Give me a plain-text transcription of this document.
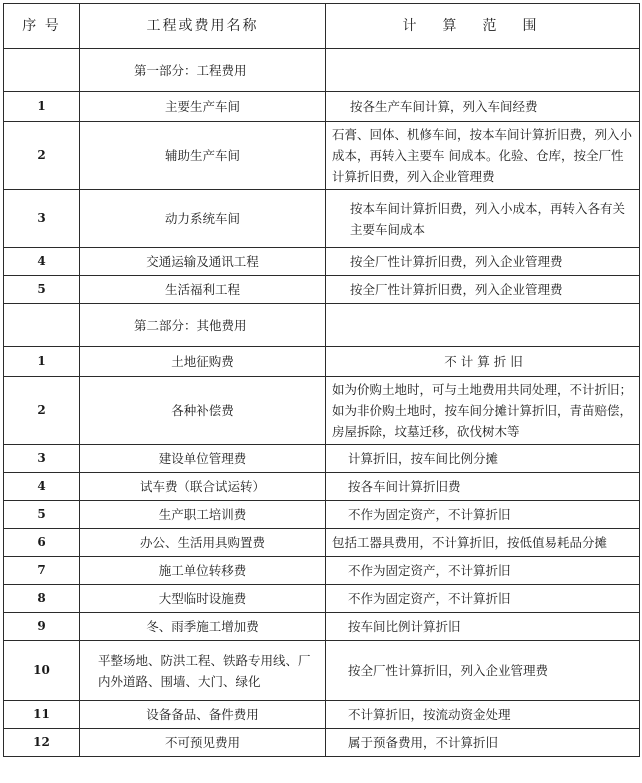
序 号	工程或费用名称	计算范围
	第一部分：工程费用	
1	主要生产车间	按各生产车间计算，列入车间经费
2	辅助生产车间	石膏、回体、机修车间，按本车间计算折旧费，列入小成本，再转入主要车 间成本。化验、仓库，按全厂性计算折旧费，列入企业管理费
3	动力系统车间	按本车间计算折旧费，列入小成本，再转入各有关主要车间成本
4	交通运输及通讯工程	按全厂性计算折旧费，列入企业管理费
5	生活福利工程	按全厂性计算折旧费，列入企业管理费
	第二部分：其他费用	
1	土地征购费	不 计 算 折 旧
2	各种补偿费	如为价购土地时，可与土地费用共同处理，不计折旧；如为非价购土地时，按车间分摊计算折旧，青苗赔偿，房屋拆除，坟墓迁移，砍伐树木等
3	建设单位管理费	计算折旧，按车间比例分摊
4	试车费（联合试运转）	按各车间计算折旧费
5	生产职工培训费	不作为固定资产，不计算折旧
6	办公、生活用具购置费	包括工器具费用，不计算折旧，按低值易耗品分摊
7	施工单位转移费	不作为固定资产，不计算折旧
8	大型临时设施费	不作为固定资产，不计算折旧
9	冬、雨季施工增加费	按车间比例计算折旧
10	平整场地、防洪工程、铁路专用线、厂内外道路、围墙、大门、绿化	按全厂性计算折旧，列入企业管理费
11	设备备品、备件费用	不计算折旧，按流动资金处理
12	不可预见费用	属于预备费用，不计算折旧
